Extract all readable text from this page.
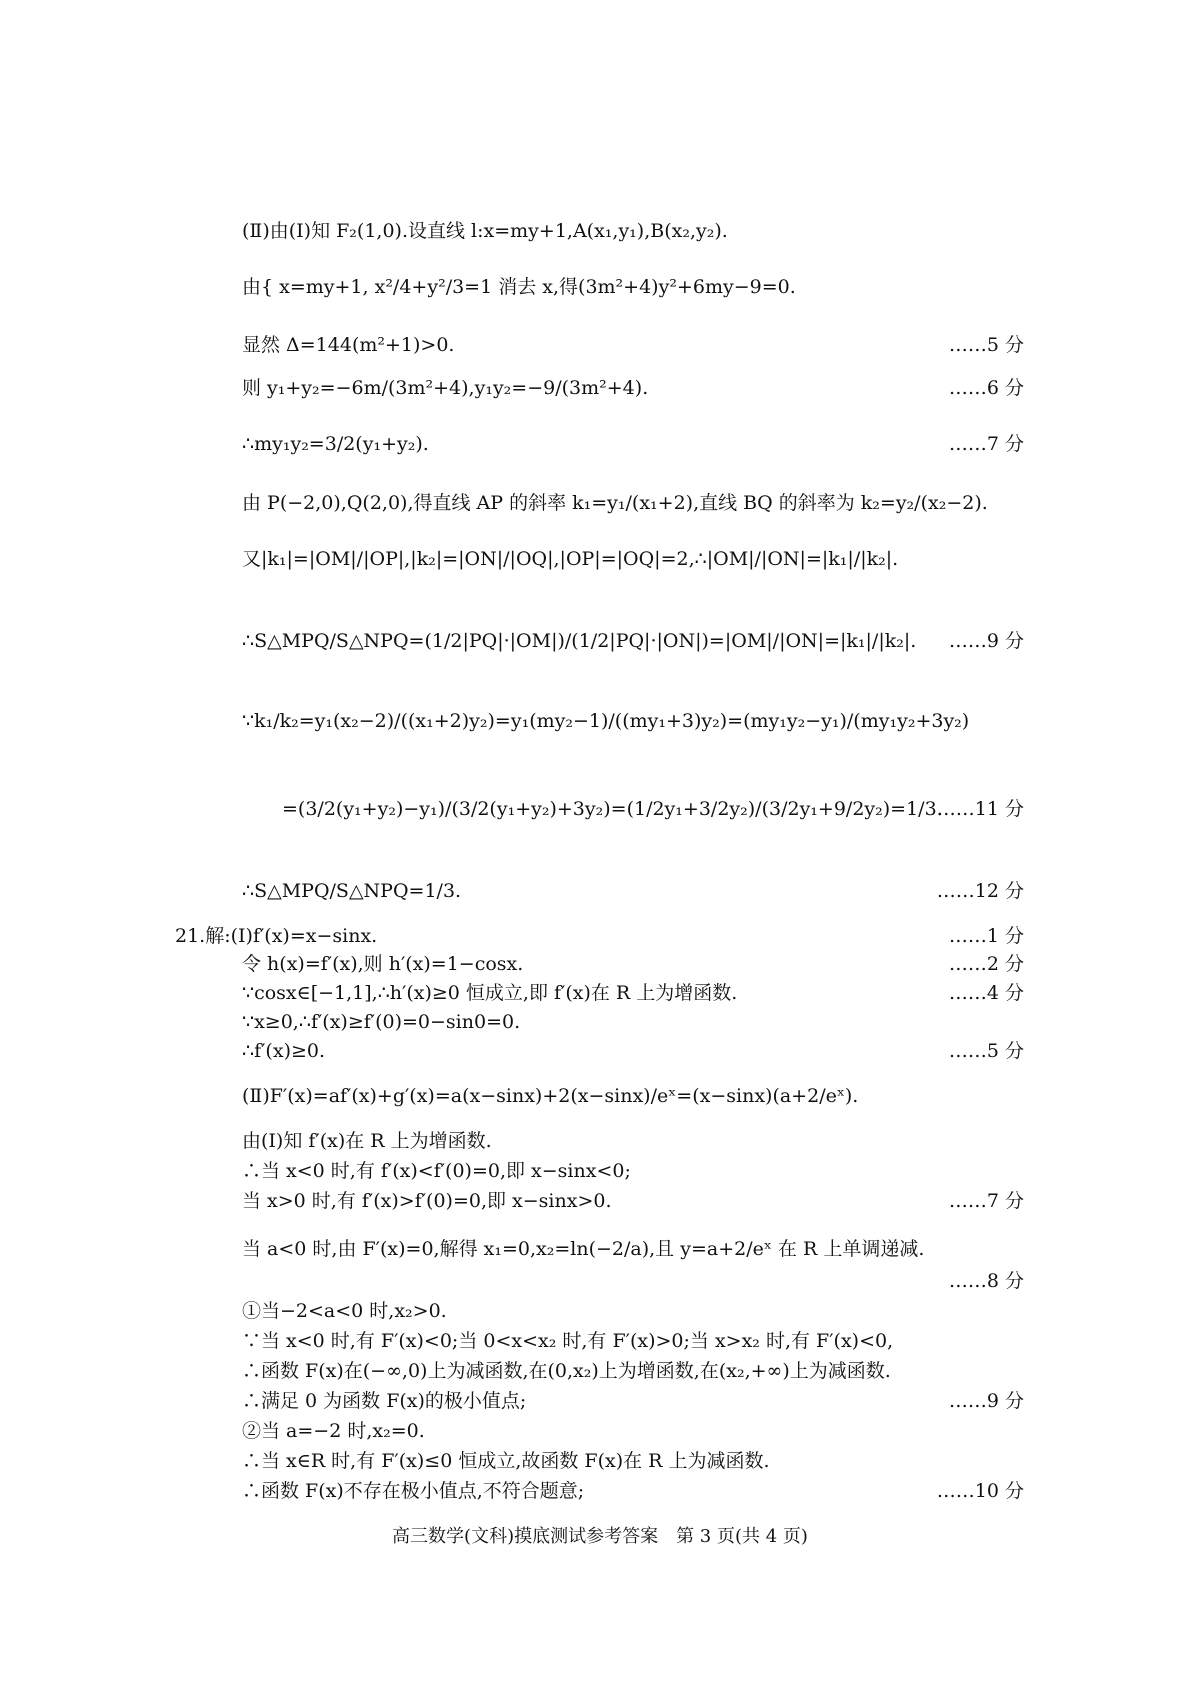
(Ⅱ)由(Ⅰ)知 F₂(1,0).设直线 l:x=my+1,A(x₁,y₁),B(x₂,y₂).
由{ x=my+1, x²/4+y²/3=1 消去 x,得(3m²+4)y²+6my−9=0.
显然 Δ=144(m²+1)>0.
则 y₁+y₂=−6m/(3m²+4),y₁y₂=−9/(3m²+4).
∴my₁y₂=3/2(y₁+y₂).
由 P(−2,0),Q(2,0),得直线 AP 的斜率 k₁=y₁/(x₁+2),直线 BQ 的斜率为 k₂=y₂/(x₂−2).
又|k₁|=|OM|/|OP|,|k₂|=|ON|/|OQ|,|OP|=|OQ|=2,∴|OM|/|ON|=|k₁|/|k₂|.
∴S△MPQ/S△NPQ=(1/2|PQ|·|OM|)/(1/2|PQ|·|ON|)=|OM|/|ON|=|k₁|/|k₂|.
∵k₁/k₂=y₁(x₂−2)/((x₁+2)y₂)=y₁(my₂−1)/((my₁+3)y₂)=(my₁y₂−y₁)/(my₁y₂+3y₂)
=(3/2(y₁+y₂)−y₁)/(3/2(y₁+y₂)+3y₂)=(1/2y₁+3/2y₂)/(3/2y₁+9/2y₂)=1/3.
∴S△MPQ/S△NPQ=1/3.
21.解:(Ⅰ)f′(x)=x−sinx.
令 h(x)=f′(x),则 h′(x)=1−cosx.
∵cosx∈[−1,1],∴h′(x)≥0 恒成立,即 f′(x)在 R 上为增函数.
∵x≥0,∴f′(x)≥f′(0)=0−sin0=0.
∴f′(x)≥0.
(Ⅱ)F′(x)=af′(x)+g′(x)=a(x−sinx)+2(x−sinx)/eˣ=(x−sinx)(a+2/eˣ).
由(Ⅰ)知 f′(x)在 R 上为增函数.
∴当 x<0 时,有 f′(x)<f′(0)=0,即 x−sinx<0;
当 x>0 时,有 f′(x)>f′(0)=0,即 x−sinx>0.
当 a<0 时,由 F′(x)=0,解得 x₁=0,x₂=ln(−2/a),且 y=a+2/eˣ 在 R 上单调递减.
①当−2<a<0 时,x₂>0.
∵当 x<0 时,有 F′(x)<0;当 0<x<x₂ 时,有 F′(x)>0;当 x>x₂ 时,有 F′(x)<0,
∴函数 F(x)在(−∞,0)上为减函数,在(0,x₂)上为增函数,在(x₂,+∞)上为减函数.
∴满足 0 为函数 F(x)的极小值点;
②当 a=−2 时,x₂=0.
∴当 x∈R 时,有 F′(x)≤0 恒成立,故函数 F(x)在 R 上为减函数.
∴函数 F(x)不存在极小值点,不符合题意;
……5 分
……6 分
……7 分
……9 分
……11 分
……12 分
……1 分
……2 分
……4 分
……5 分
……7 分
……8 分
……9 分
……10 分
高三数学(文科)摸底测试参考答案　第 3 页(共 4 页)
